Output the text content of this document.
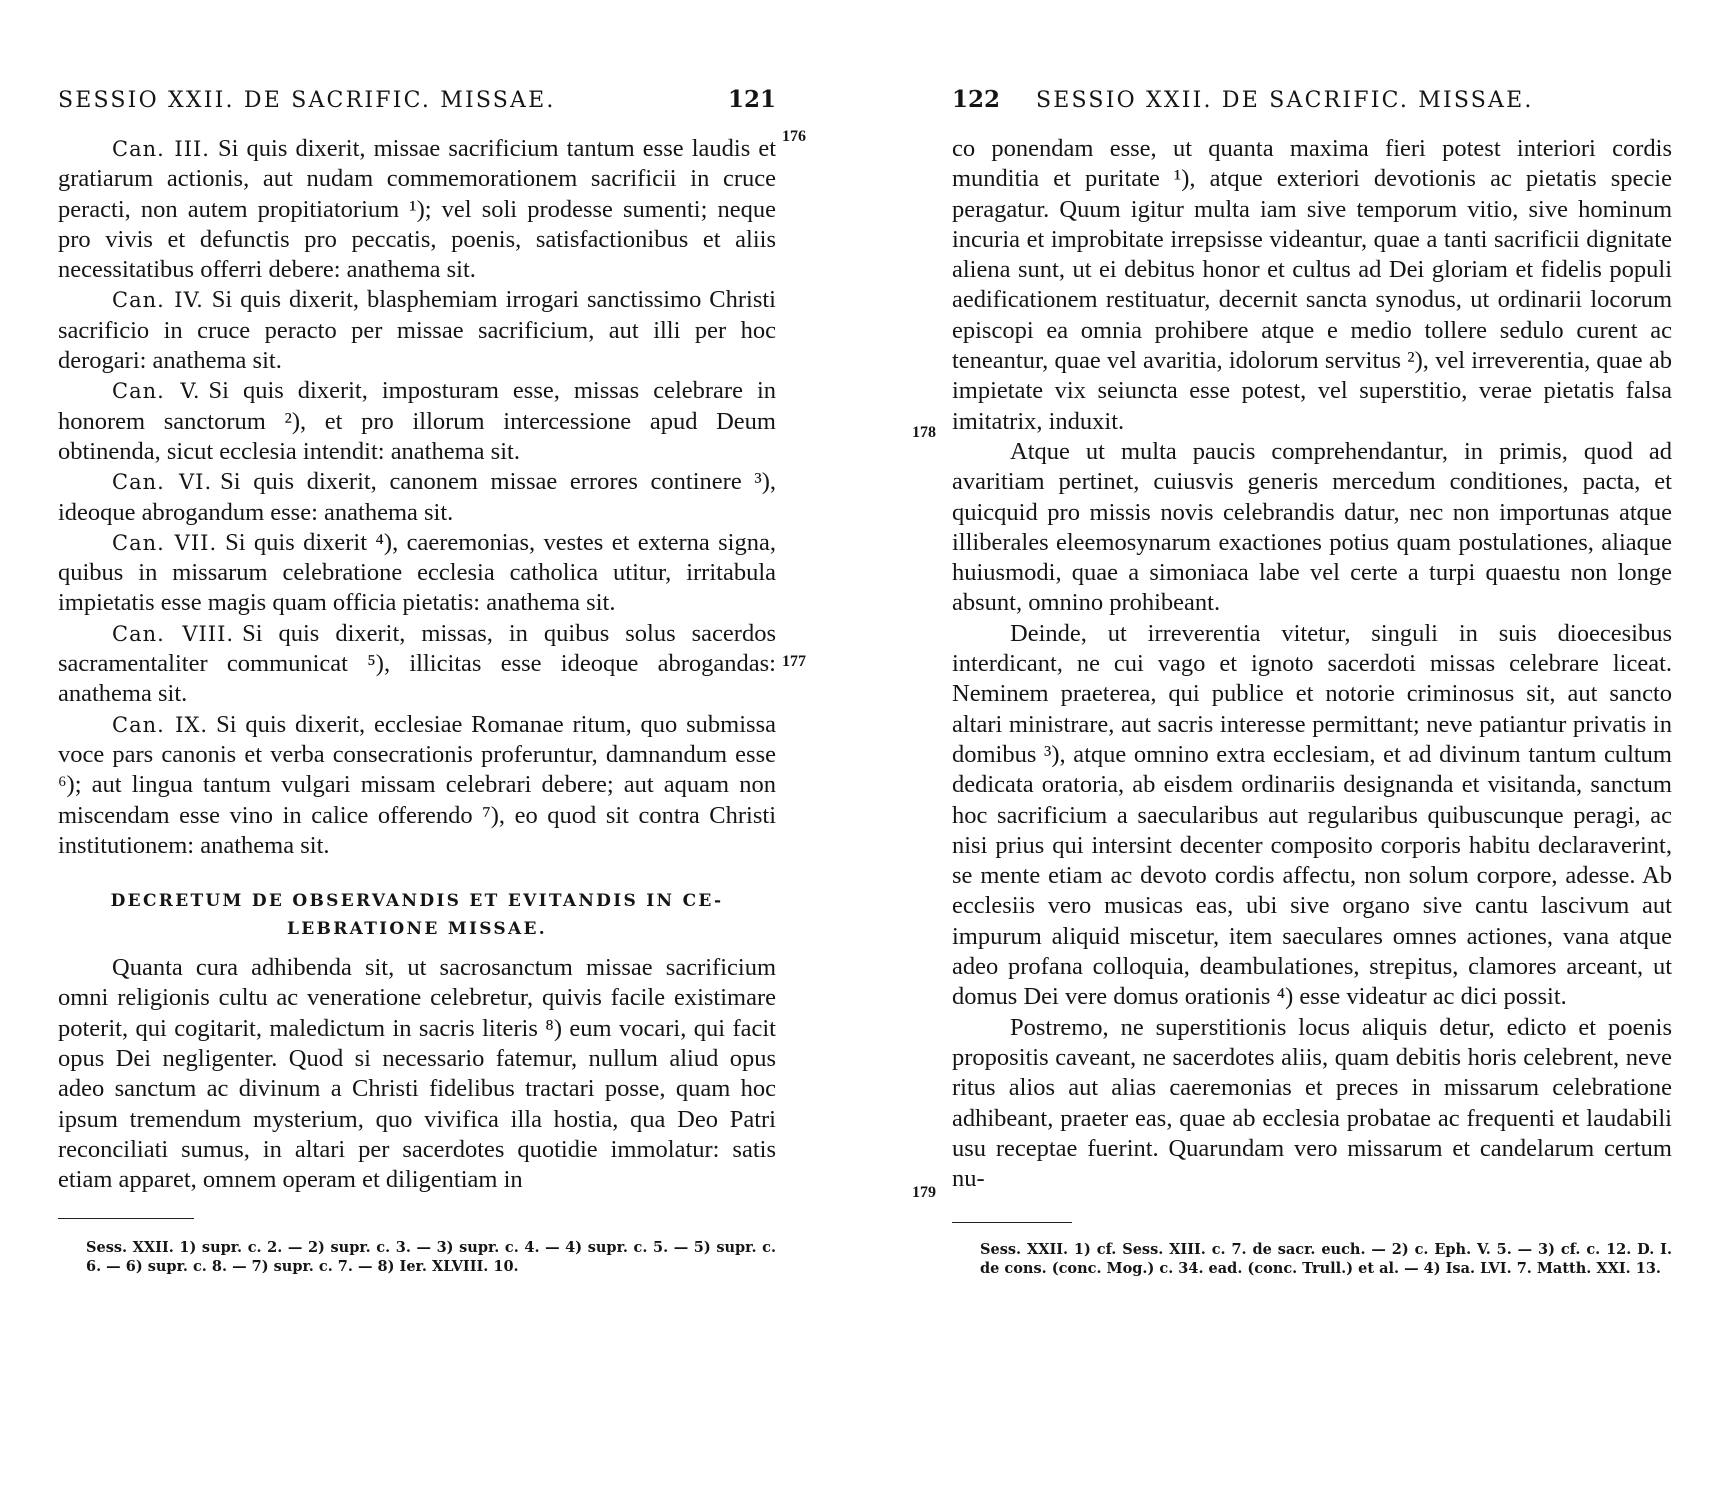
SESSIO XXII. DE SACRIFIC. MISSAE.	121

Can. III. Si quis dixerit, missae sacrificium tantum esse laudis et gratiarum actionis, aut nudam commemorationem sacrificii in cruce peracti, non autem propitiatorium ¹); vel soli prodesse sumenti; neque pro vivis et defunctis pro peccatis, poenis, satisfactionibus et aliis necessitatibus offerri debere: anathema sit.

Can. IV. Si quis dixerit, blasphemiam irrogari sanctissimo Christi sacrificio in cruce peracto per missae sacrificium, aut illi per hoc derogari: anathema sit.

Can. V. Si quis dixerit, imposturam esse, missas celebrare in honorem sanctorum ²), et pro illorum intercessione apud Deum obtinenda, sicut ecclesia intendit: anathema sit.

Can. VI. Si quis dixerit, canonem missae errores continere ³), ideoque abrogandum esse: anathema sit.

Can. VII. Si quis dixerit ⁴), caeremonias, vestes et externa signa, quibus in missarum celebratione ecclesia catholica utitur, irritabula impietatis esse magis quam officia pietatis: anathema sit.

Can. VIII. Si quis dixerit, missas, in quibus solus sacerdos sacramentaliter communicat ⁵), illicitas esse ideoque abrogandas: anathema sit.

Can. IX. Si quis dixerit, ecclesiae Romanae ritum, quo submissa voce pars canonis et verba consecrationis proferuntur, damnandum esse ⁶); aut lingua tantum vulgari missam celebrari debere; aut aquam non miscendam esse vino in calice offerendo ⁷), eo quod sit contra Christi institutionem: anathema sit.

DECRETUM DE OBSERVANDIS ET EVITANDIS IN CE-
LEBRATIONE MISSAE.

Quanta cura adhibenda sit, ut sacrosanctum missae sacrificium omni religionis cultu ac veneratione celebretur, quivis facile existimare poterit, qui cogitarit, maledictum in sacris literis ⁸) eum vocari, qui facit opus Dei negligenter. Quod si necessario fatemur, nullum aliud opus adeo sanctum ac divinum a Christi fidelibus tractari posse, quam hoc ipsum tremendum mysterium, quo vivifica illa hostia, qua Deo Patri reconciliati sumus, in altari per sacerdotes quotidie immolatur: satis etiam apparet, omnem operam et diligentiam in

176
177
Sess. XXII. 1) supr. c. 2. — 2) supr. c. 3. — 3) supr. c. 4. — 4) supr. c. 5. — 5) supr. c. 6. — 6) supr. c. 8. — 7) supr. c. 7. — 8) Ier. XLVIII. 10.
122 SESSIO XXII. DE SACRIFIC. MISSAE.

co ponendam esse, ut quanta maxima fieri potest interiori cordis munditia et puritate ¹), atque exteriori devotionis ac pietatis specie peragatur. Quum igitur multa iam sive temporum vitio, sive hominum incuria et improbitate irrepsisse videantur, quae a tanti sacrificii dignitate aliena sunt, ut ei debitus honor et cultus ad Dei gloriam et fidelis populi aedificationem restituatur, decernit sancta synodus, ut ordinarii locorum episcopi ea omnia prohibere atque e medio tollere sedulo curent ac teneantur, quae vel avaritia, idolorum servitus ²), vel irreverentia, quae ab impietate vix seiuncta esse potest, vel superstitio, verae pietatis falsa imitatrix, induxit.

Atque ut multa paucis comprehendantur, in primis, quod ad avaritiam pertinet, cuiusvis generis mercedum conditiones, pacta, et quicquid pro missis novis celebrandis datur, nec non importunas atque illiberales eleemosynarum exactiones potius quam postulationes, aliaque huiusmodi, quae a simoniaca labe vel certe a turpi quaestu non longe absunt, omnino prohibeant.

Deinde, ut irreverentia vitetur, singuli in suis dioecesibus interdicant, ne cui vago et ignoto sacerdoti missas celebrare liceat. Neminem praeterea, qui publice et notorie criminosus sit, aut sancto altari ministrare, aut sacris interesse permittant; neve patiantur privatis in domibus ³), atque omnino extra ecclesiam, et ad divinum tantum cultum dedicata oratoria, ab eisdem ordinariis designanda et visitanda, sanctum hoc sacrificium a saecularibus aut regularibus quibuscunque peragi, ac nisi prius qui intersint decenter composito corporis habitu declaraverint, se mente etiam ac devoto cordis affectu, non solum corpore, adesse. Ab ecclesiis vero musicas eas, ubi sive organo sive cantu lascivum aut impurum aliquid miscetur, item saeculares omnes actiones, vana atque adeo profana colloquia, deambulationes, strepitus, clamores arceant, ut domus Dei vere domus orationis ⁴) esse videatur ac dici possit.

Postremo, ne superstitionis locus aliquis detur, edicto et poenis propositis caveant, ne sacerdotes aliis, quam debitis horis celebrent, neve ritus alios aut alias caeremonias et preces in missarum celebratione adhibeant, praeter eas, quae ab ecclesia probatae ac frequenti et laudabili usu receptae fuerint. Quarundam vero missarum et candelarum certum nu-

178
179
Sess. XXII. 1) cf. Sess. XIII. c. 7. de sacr. euch. — 2) c. Eph. V. 5. — 3) cf. c. 12. D. I. de cons. (conc. Mog.) c. 34. ead. (conc. Trull.) et al. — 4) Isa. LVI. 7. Matth. XXI. 13.
